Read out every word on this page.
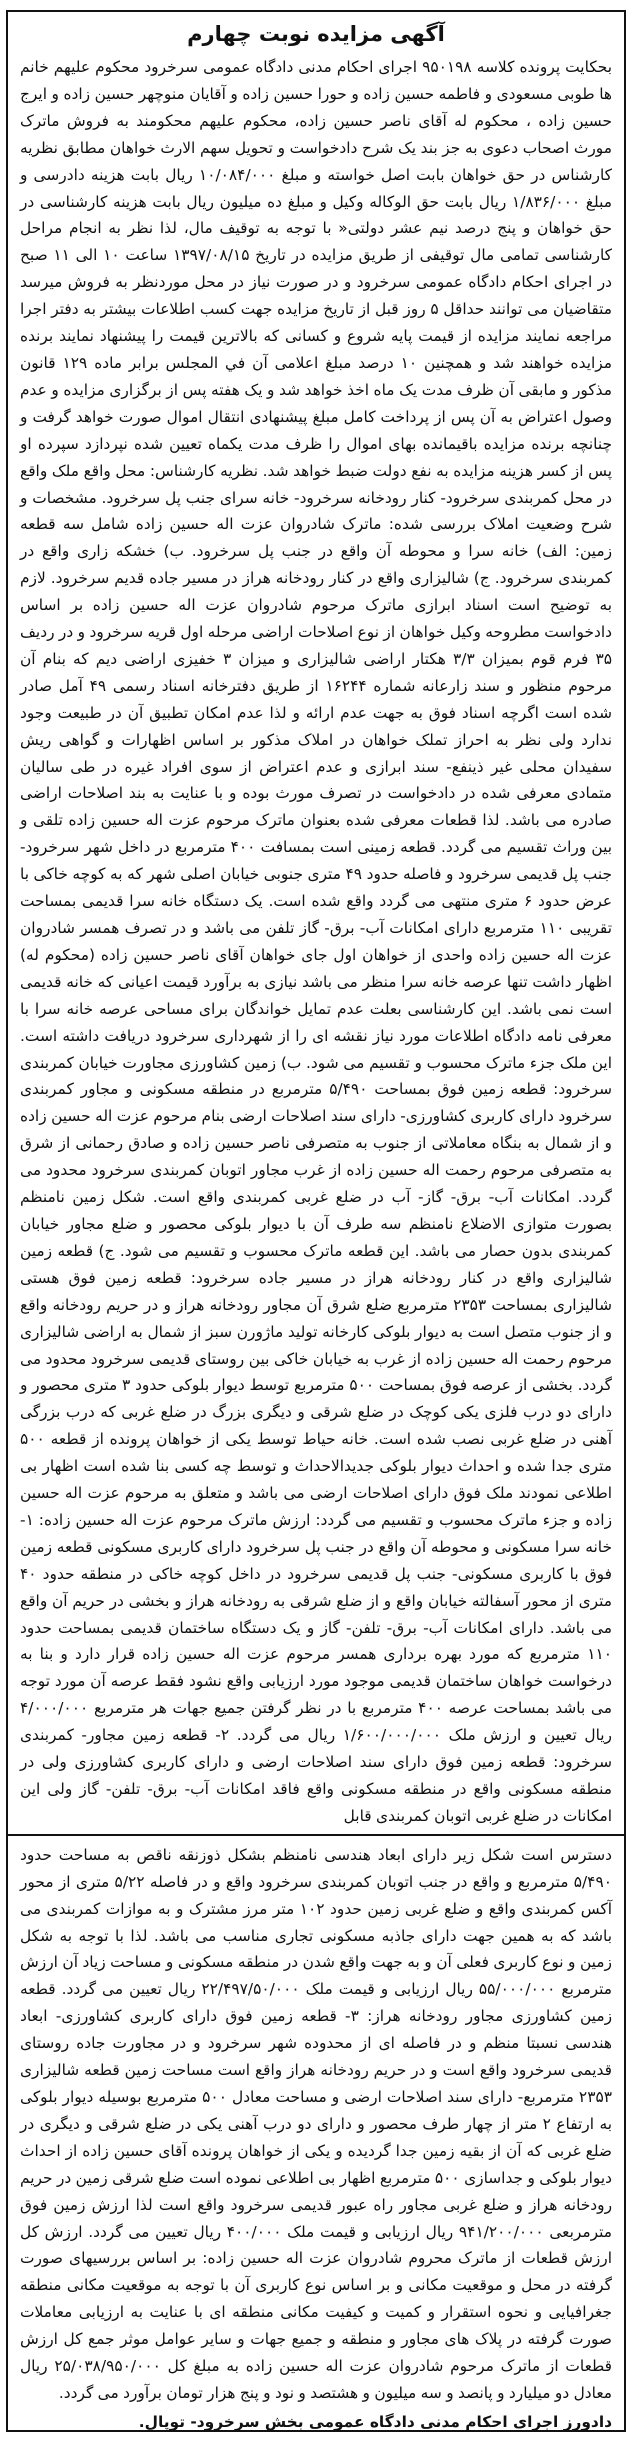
آگهی مزایده نوبت چهارم

بحکایت پرونده کلاسه ۹۵۰۱۹۸ اجرای احکام مدنی دادگاه عمومی سرخرود محکوم علیهم خانم ها طوبی مسعودی و فاطمه حسین زاده و حورا حسین زاده و آقایان منوچهر حسین زاده و ایرج حسین زاده ، محکوم له آقای ناصر حسین زاده، محکوم علیهم محکومند به فروش ماترک مورث اصحاب دعوی به جز بند یک شرح دادخواست و تحویل سهم الارث خواهان مطابق نظریه کارشناس در حق خواهان بابت اصل خواسته و مبلغ ۱۰/۰۸۴/۰۰۰ ریال بابت هزینه دادرسی و مبلغ ۱/۸۳۶/۰۰۰ ریال بابت حق الوکاله وکیل و مبلغ ده میلیون ریال بابت هزینه کارشناسی در حق خواهان و پنج درصد نیم عشر دولتی« با توجه به توقیف مال، لذا نظر به انجام مراحل کارشناسی تمامی مال توقیفی از طریق مزایده در تاریخ ۱۳۹۷/۰۸/۱۵ ساعت ۱۰ الی ۱۱ صبح در اجرای احکام دادگاه عمومی سرخرود و در صورت نیاز در محل موردنظر به فروش میرسد متقاضیان می توانند حداقل ۵ روز قبل از تاریخ مزایده جهت کسب اطلاعات بیشتر به دفتر اجرا مراجعه نمایند مزایده از قیمت پایه شروع و کسانی که بالاترین قیمت را پیشنهاد نمایند برنده مزایده خواهند شد و همچنین ۱۰ درصد مبلغ اعلامی آن في المجلس برابر ماده ۱۲۹ قانون مذکور و مابقی آن ظرف مدت یک ماه اخذ خواهد شد و یک هفته پس از برگزاری مزایده و عدم وصول اعتراض به آن پس از پرداخت کامل مبلغ پیشنهادی انتقال اموال صورت خواهد گرفت و چنانچه برنده مزایده باقیمانده بهای اموال را ظرف مدت یکماه تعیین شده نپردازد سپرده او پس از کسر هزینه مزایده به نفع دولت ضبط خواهد شد. نظریه کارشناس: محل واقع ملک واقع در محل کمربندی سرخرود- کنار رودخانه سرخرود- خانه سرای جنب پل سرخرود. مشخصات و شرح وضعیت املاک بررسی شده: ماترک شادروان عزت اله حسین زاده شامل سه قطعه زمین: الف) خانه سرا و محوطه آن واقع در جنب پل سرخرود. ب) خشکه زاری واقع در کمربندی سرخرود. ج) شالیزاری واقع در کنار رودخانه هراز در مسیر جاده قدیم سرخرود. لازم به توضیح است اسناد ابرازی ماترک مرحوم شادروان عزت اله حسین زاده بر اساس دادخواست مطروحه وکیل خواهان از نوع اصلاحات اراضی مرحله اول قریه سرخرود و در ردیف ۳۵ فرم قوم بمیزان ۳/۳ هکتار اراضی شالیزاری و میزان ۳ خفیزی اراضی دیم که بنام آن مرحوم منظور و سند زارعانه شماره ۱۶۲۴۴ از طریق دفترخانه اسناد رسمی ۴۹ آمل صادر شده است اگرچه اسناد فوق به جهت عدم ارائه و لذا عدم امکان تطبیق آن در طبیعت وجود ندارد ولی نظر به احراز تملک خواهان در املاک مذکور بر اساس اظهارات و گواهی ریش سفیدان محلی غیر ذینفع- سند ابرازی و عدم اعتراض از سوی افراد غیره در طی سالیان متمادی معرفی شده در دادخواست در تصرف مورث بوده و با عنایت به بند اصلاحات اراضی صادره می باشد. لذا قطعات معرفی شده بعنوان ماترک مرحوم عزت اله حسین زاده تلقی و بین وراث تقسیم می گردد. قطعه زمینی است بمسافت ۴۰۰ مترمربع در داخل شهر سرخرود- جنب پل قدیمی سرخرود و فاصله حدود ۴۹ متری جنوبی خیابان اصلی شهر که به کوچه خاکی با عرض حدود ۶ متری منتهی می گردد واقع شده است. یک دستگاه خانه سرا قدیمی بمساحت تقریبی ۱۱۰ مترمربع دارای امکانات آب- برق- گاز تلفن می باشد و در تصرف همسر شادروان عزت اله حسین زاده واحدی از خواهان اول جای خواهان آقای ناصر حسین زاده (محکوم له) اظهار داشت تنها عرصه خانه سرا منظر می باشد نیازی به برآورد قیمت اعیانی که خانه قدیمی است نمی باشد. این کارشناسی بعلت عدم تمایل خواندگان برای مساحی عرصه خانه سرا با معرفی نامه دادگاه اطلاعات مورد نیاز نقشه ای را از شهرداری سرخرود دریافت داشته است. این ملک جزء ماترک محسوب و تقسیم می شود. ب) زمین کشاورزی مجاورت خیابان کمربندی سرخرود: قطعه زمین فوق بمساحت ۵/۴۹۰ مترمربع در منطقه مسکونی و مجاور کمربندی سرخرود دارای کاربری کشاورزی- دارای سند اصلاحات ارضی بنام مرحوم عزت اله حسین زاده و از شمال به بنگاه معاملاتی از جنوب به متصرفی ناصر حسین زاده و صادق رحمانی از شرق به متصرفی مرحوم رحمت اله حسین زاده از غرب مجاور اتوبان کمربندی سرخرود محدود می گردد. امکانات آب- برق- گاز- آب در ضلع غربی کمربندی واقع است. شکل زمین نامنظم بصورت متوازی الاضلاع نامنظم سه طرف آن با دیوار بلوکی محصور و ضلع مجاور خیابان کمربندی بدون حصار می باشد. این قطعه ماترک محسوب و تقسیم می شود. ج) قطعه زمین شالیزاری واقع در کنار رودخانه هراز در مسیر جاده سرخرود: قطعه زمین فوق هستی شالیزاری بمساحت ۲۳۵۳ مترمربع ضلع شرق آن مجاور رودخانه هراز و در حریم رودخانه واقع و از جنوب متصل است به دیوار بلوکی کارخانه تولید ماژورن سبز از شمال به اراضی شالیزاری مرحوم رحمت اله حسین زاده از غرب به خیابان خاکی بین روستای قدیمی سرخرود محدود می گردد. بخشی از عرصه فوق بمساحت ۵۰۰ مترمربع توسط دیوار بلوکی حدود ۳ متری محصور و دارای دو درب فلزی یکی کوچک در ضلع شرقی و دیگری بزرگ در ضلع غربی که درب بزرگی آهنی در ضلع غربی نصب شده است. خانه حیاط توسط یکی از خواهان پرونده از قطعه ۵۰۰ متری جدا شده و احداث دیوار بلوکی جدیدالاحداث و توسط چه کسی بنا شده است اظهار بی اطلاعی نمودند ملک فوق دارای اصلاحات ارضی می باشد و متعلق به مرحوم عزت اله حسین زاده و جزء ماترک محسوب و تقسیم می گردد: ارزش ماترک مرحوم عزت اله حسین زاده: ۱- خانه سرا مسکونی و محوطه آن واقع در جنب پل سرخرود دارای کاربری مسکونی قطعه زمین فوق با کاربری مسکونی- جنب پل قدیمی سرخرود در داخل کوچه خاکی در منطقه حدود ۴۰ متری از محور آسفالته خیابان واقع و از ضلع شرقی به رودخانه هراز و بخشی در حریم آن واقع می باشد. دارای امکانات آب- برق- تلفن- گاز و یک دستگاه ساختمان قدیمی بمساحت حدود ۱۱۰ مترمربع که مورد بهره برداری همسر مرحوم عزت اله حسین زاده قرار دارد و بنا به درخواست خواهان ساختمان قدیمی موجود مورد ارزیابی واقع نشود فقط عرصه آن مورد توجه می باشد بمساحت عرصه ۴۰۰ مترمربع با در نظر گرفتن جمیع جهات هر مترمربع ۴/۰۰۰/۰۰۰ ریال تعیین و ارزش ملک ۱/۶۰۰/۰۰۰/۰۰۰ ریال می گردد. ۲- قطعه زمین مجاور- کمربندی سرخرود: قطعه زمین فوق دارای سند اصلاحات ارضی و دارای کاربری کشاورزی ولی در منطقه مسکونی واقع در منطقه مسکونی واقع فاقد امکانات آب- برق- تلفن- گاز ولی این امکانات در ضلع غربی اتوبان کمربندی قابل

دسترس است شکل زیر دارای ابعاد هندسی نامنظم بشکل ذوزنقه ناقص به مساحت حدود ۵/۴۹۰ مترمربع و واقع در جنب اتوبان کمربندی سرخرود واقع و در فاصله ۵/۲۲ متری از محور آکس کمربندی واقع و ضلع غربی زمین حدود ۱۰۲ متر مرز مشترک و به موازات کمربندی می باشد که به همین جهت دارای جاذبه مسکونی تجاری مناسب می باشد. لذا با توجه به شکل زمین و نوع کاربری فعلی آن و به جهت واقع شدن در منطقه مسکونی و مساحت زیاد آن ارزش مترمربع ۵۵/۰۰۰/۰۰۰ ریال ارزیابی و قیمت ملک ۲۲/۴۹۷/۵۰/۰۰۰ ریال تعیین می گردد. قطعه زمین کشاورزی مجاور رودخانه هراز: ۳- قطعه زمین فوق دارای کاربری کشاورزی- ابعاد هندسی نسبتا منظم و در فاصله ای از محدوده شهر سرخرود و در مجاورت جاده روستای قدیمی سرخرود واقع است و در حریم رودخانه هراز واقع است مساحت زمین قطعه شالیزاری ۲۳۵۳ مترمربع- دارای سند اصلاحات ارضی و مساحت معادل ۵۰۰ مترمربع بوسیله دیوار بلوکی به ارتفاع ۲ متر از چهار طرف محصور و دارای دو درب آهنی یکی در ضلع شرقی و دیگری در ضلع غربی که آن از بقیه زمین جدا گردیده و یکی از خواهان پرونده آقای حسین زاده از احداث دیوار بلوکی و جداسازی ۵۰۰ مترمربع اظهار بی اطلاعی نموده است ضلع شرقی زمین در حریم رودخانه هراز و ضلع غربی مجاور راه عبور قدیمی سرخرود واقع است لذا ارزش زمین فوق مترمربعی ۹۴۱/۲۰۰/۰۰۰ ریال ارزیابی و قیمت ملک ۴۰۰/۰۰۰ ریال تعیین می گردد. ارزش کل ارزش قطعات از ماترک محروم شادروان عزت اله حسین زاده: بر اساس بررسیهای صورت گرفته در محل و موقعیت مکانی و بر اساس نوع کاربری آن با توجه به موقعیت مکانی منطقه جغرافیایی و نحوه استقرار و کمیت و کیفیت مکانی منطقه ای با عنایت به ارزیابی معاملات صورت گرفته در پلاک های مجاور و منطقه و جمیع جهات و سایر عوامل موثر جمع کل ارزش قطعات از ماترک مرحوم شادروان عزت اله حسین زاده به مبلغ کل ۲۵/۰۳۸/۹۵۰/۰۰۰ ریال معادل دو میلیارد و پانصد و سه میلیون و هشتصد و نود و پنج هزار تومان برآورد می گردد.

دادورز اجرای احکام مدنی دادگاه عمومی بخش سرخرود- توپال.
